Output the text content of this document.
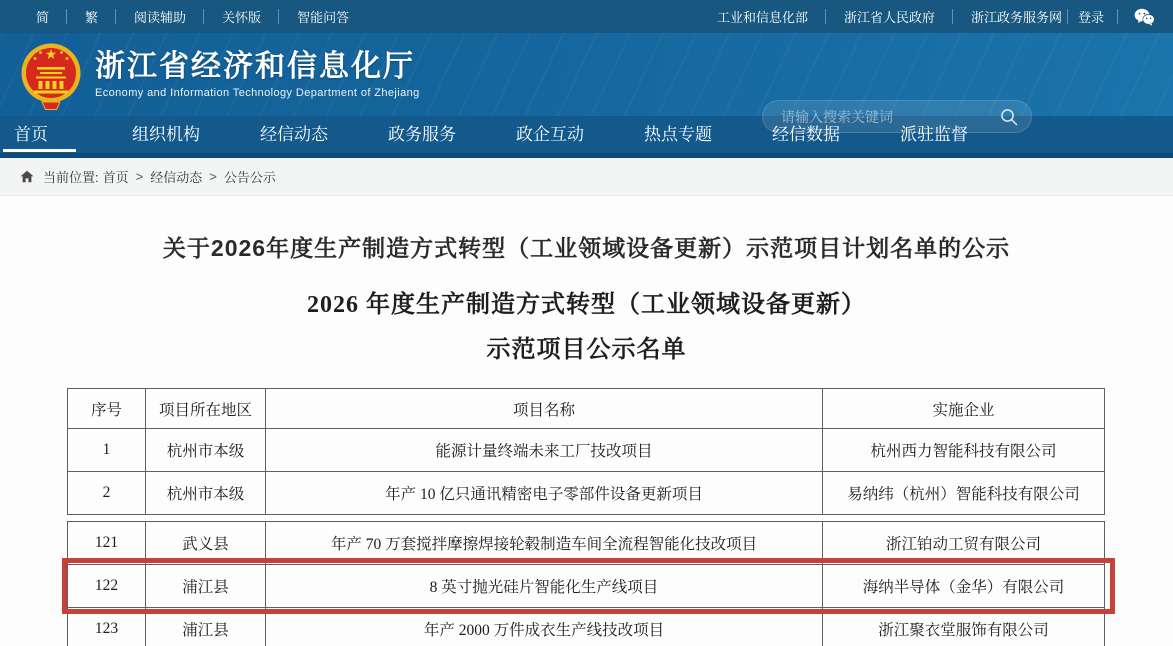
简	繁	阅读辅助	关怀版	智能问答	工业和信息化部	浙江省人民政府	浙江政务服务网	登录
浙江省经济和信息化厅
Economy and Information Technology Department of Zhejiang
请输入搜索关键词
首页	组织机构	经信动态	政务服务	政企互动	热点专题	经信数据	派驻监督
当前位置: 首页 > 经信动态 > 公告公示
关于2026年度生产制造方式转型（工业领域设备更新）示范项目计划名单的公示
2026 年度生产制造方式转型（工业领域设备更新）
示范项目公示名单
序号	项目所在地区	项目名称	实施企业
1	杭州市本级	能源计量终端未来工厂技改项目	杭州西力智能科技有限公司
2	杭州市本级	年产 10 亿只通讯精密电子零部件设备更新项目	易纳纬（杭州）智能科技有限公司
121	武义县	年产 70 万套搅拌摩擦焊接轮毂制造车间全流程智能化技改项目	浙江铂动工贸有限公司
122	浦江县	8 英寸抛光硅片智能化生产线项目	海纳半导体（金华）有限公司
123	浦江县	年产 2000 万件成衣生产线技改项目	浙江聚衣堂服饰有限公司
